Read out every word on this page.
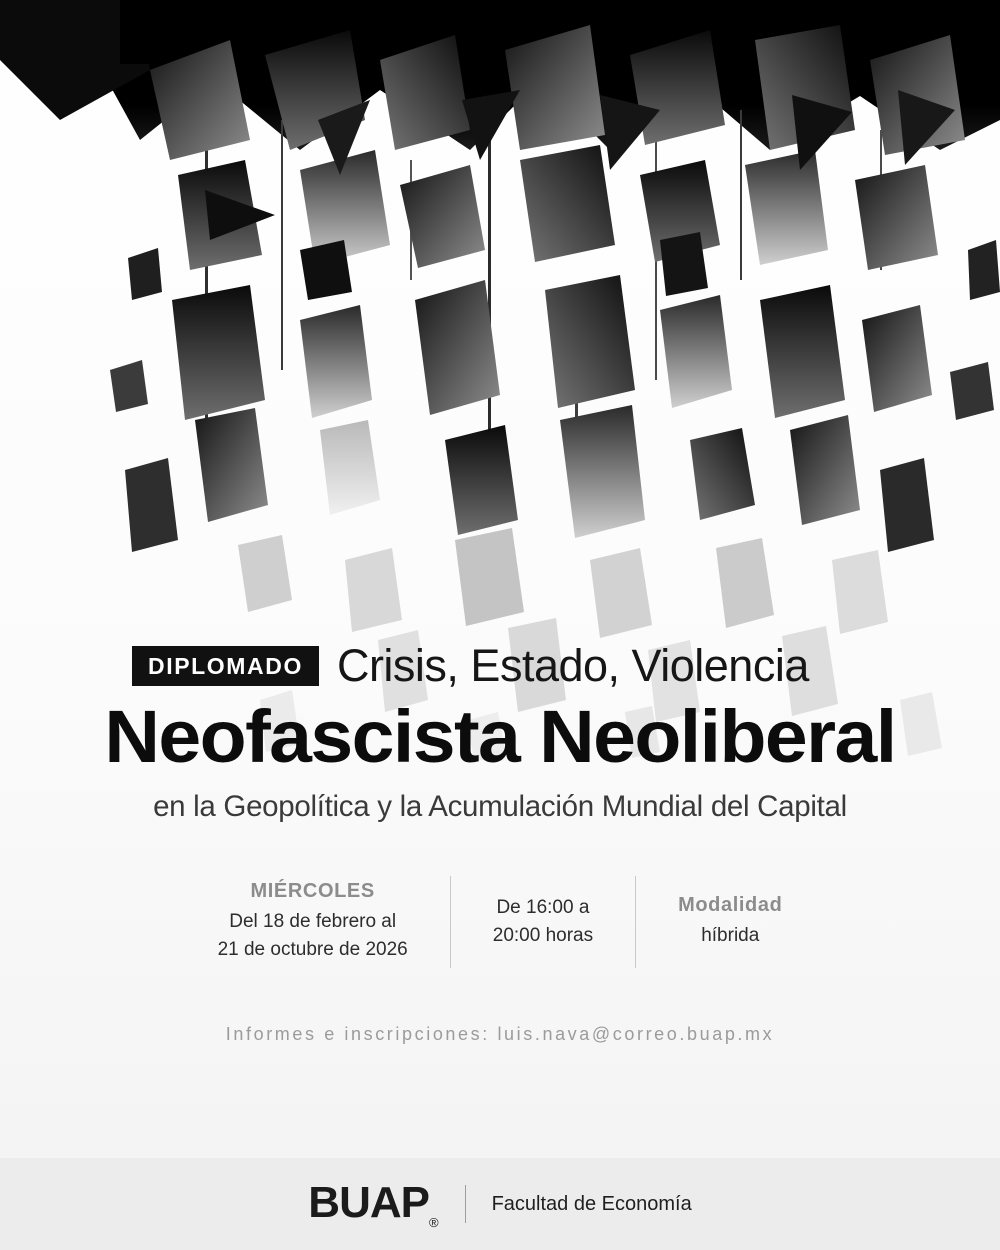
DIPLOMADO Crisis, Estado, Violencia
Neofascista Neoliberal
en la Geopolítica y la Acumulación Mundial del Capital
MIÉRCOLES
Del 18 de febrero al
21 de octubre de 2026
De 16:00 a
20:00 horas
Modalidad
híbrida
Informes e inscripciones: luis.nava@correo.buap.mx
$BUAP_®$
Facultad de Economía
